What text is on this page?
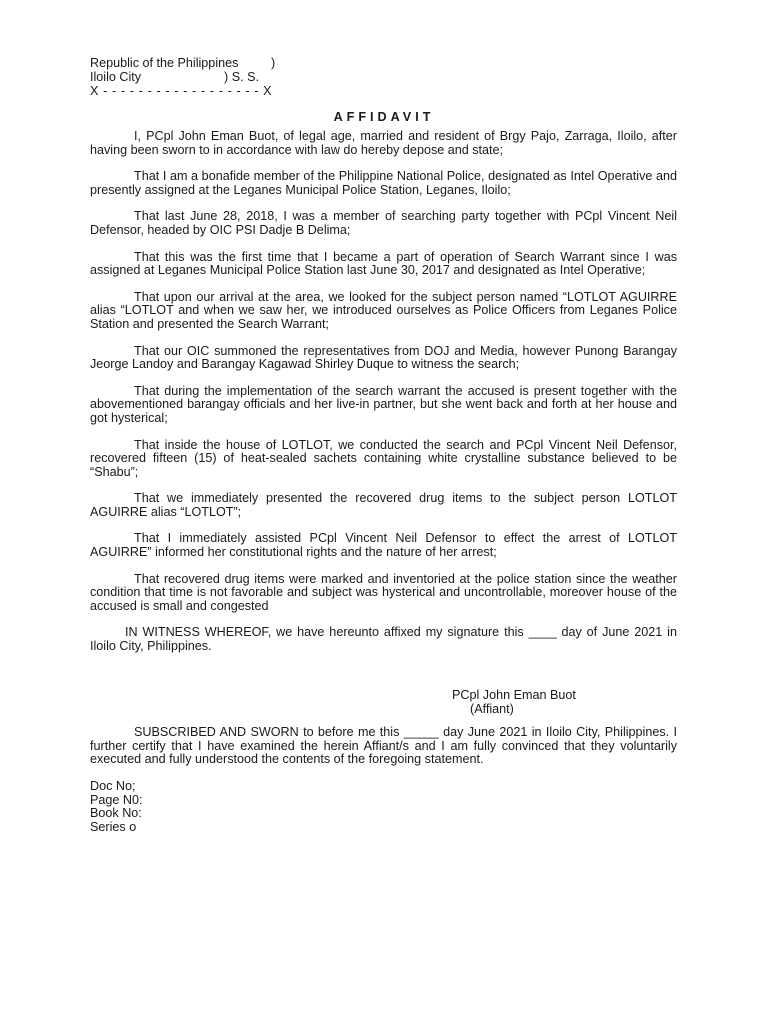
Republic of the Philippines	)
Iloilo City	) S. S.
X - - - - - - - - - - - - - - - - - - X
AFFIDAVIT

I, PCpl John Eman Buot, of legal age, married and resident of Brgy Pajo, Zarraga, Iloilo, after having been sworn to in accordance with law do hereby depose and state;

That I am a bonafide member of the Philippine National Police, designated as Intel Operative and presently assigned at the Leganes Municipal Police Station, Leganes, Iloilo;

That last June 28, 2018, I was a member of searching party together with PCpl Vincent Neil Defensor, headed by OIC PSI Dadje B Delima;

That this was the first time that I became a part of operation of Search Warrant since I was assigned at Leganes Municipal Police Station last June 30, 2017 and designated as Intel Operative;

That upon our arrival at the area, we looked for the subject person named “LOTLOT AGUIRRE alias “LOTLOT and when we saw her, we introduced ourselves as Police Officers from Leganes Police Station and presented the Search Warrant;

That our OIC summoned the representatives from DOJ and Media, however Punong Barangay Jeorge Landoy and Barangay Kagawad Shirley Duque to witness the search;

That during the implementation of the search warrant the accused is present together with the abovementioned barangay officials and her live-in partner, but she went back and forth at her house and got hysterical;

That inside the house of LOTLOT, we conducted the search and PCpl Vincent Neil Defensor, recovered fifteen (15) of heat-sealed sachets containing white crystalline substance believed to be “Shabu”;

That we immediately presented the recovered drug items to the subject person LOTLOT AGUIRRE alias “LOTLOT”;

That I immediately assisted PCpl Vincent Neil Defensor to effect the arrest of LOTLOT AGUIRRE” informed her constitutional rights and the nature of her arrest;

That recovered drug items were marked and inventoried at the police station since the weather condition that time is not favorable and subject was hysterical and uncontrollable, moreover house of the accused is small and congested

IN WITNESS WHEREOF, we have hereunto affixed my signature this ____ day of June 2021 in Iloilo City, Philippines.

PCpl John Eman Buot
(Affiant)

SUBSCRIBED AND SWORN to before me this _____ day June 2021 in Iloilo City, Philippines. I further certify that I have examined the herein Affiant/s and I am fully convinced that they voluntarily executed and fully understood the contents of the foregoing statement.

Doc No;
Page N0:
Book No:
Series o
